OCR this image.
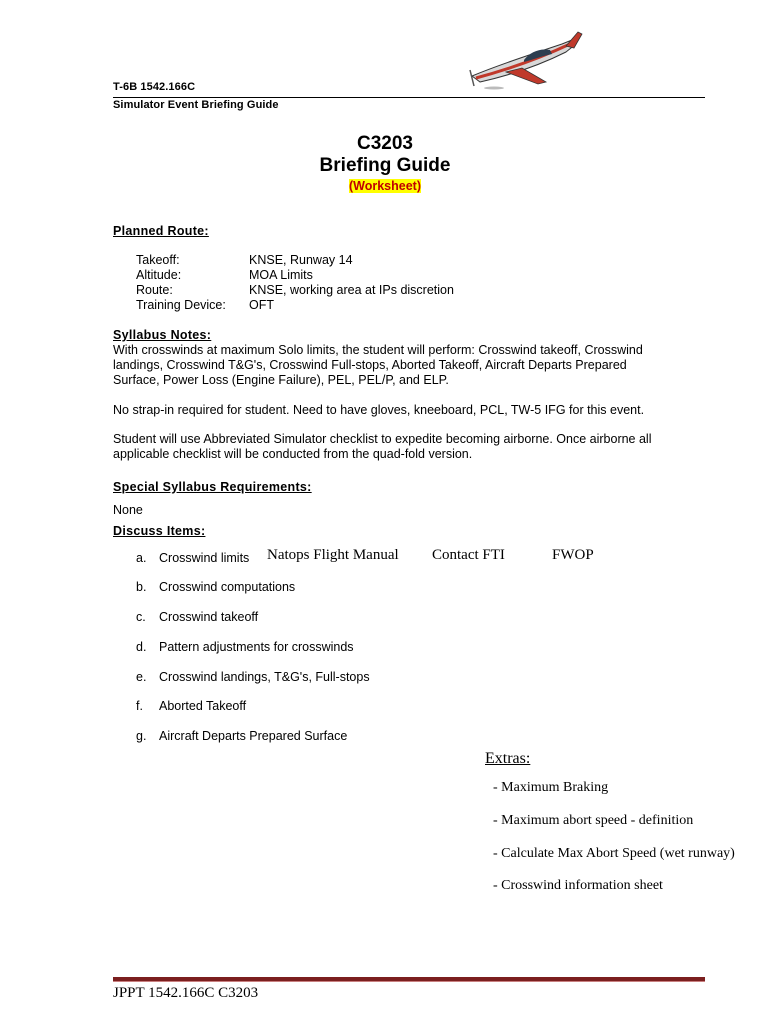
T-6B 1542.166C
Simulator Event Briefing Guide
C3203
Briefing Guide
(Worksheet)
Planned Route:
Takeoff:	KNSE, Runway 14
Altitude:	MOA Limits
Route:	KNSE, working area at IPs discretion
Training Device: OFT
Syllabus Notes:
With crosswinds at maximum Solo limits, the student will perform: Crosswind takeoff, Crosswind
landings, Crosswind T&G's, Crosswind Full-stops, Aborted Takeoff, Aircraft Departs Prepared
Surface, Power Loss (Engine Failure), PEL, PEL/P, and ELP.
No strap-in required for student. Need to have gloves, kneeboard, PCL, TW-5 IFG for this event.
Student will use Abbreviated Simulator checklist to expedite becoming airborne. Once airborne all
applicable checklist will be conducted from the quad-fold version.
Special Syllabus Requirements:
None
Discuss Items:
a. Crosswind limits Natops Flight Manual Contact FTI	FWOP
b. Crosswind computations
c. Crosswind takeoff
d. Pattern adjustments for crosswinds
e. Crosswind landings, T&G's, Full-stops
f. Aborted Takeoff
g. Aircraft Departs Prepared Surface
Extras:
- Maximum Braking
- Maximum abort speed - definition
- Calculate Max Abort Speed (wet runway)
- Crosswind information sheet
JPPT 1542.166C C3203
